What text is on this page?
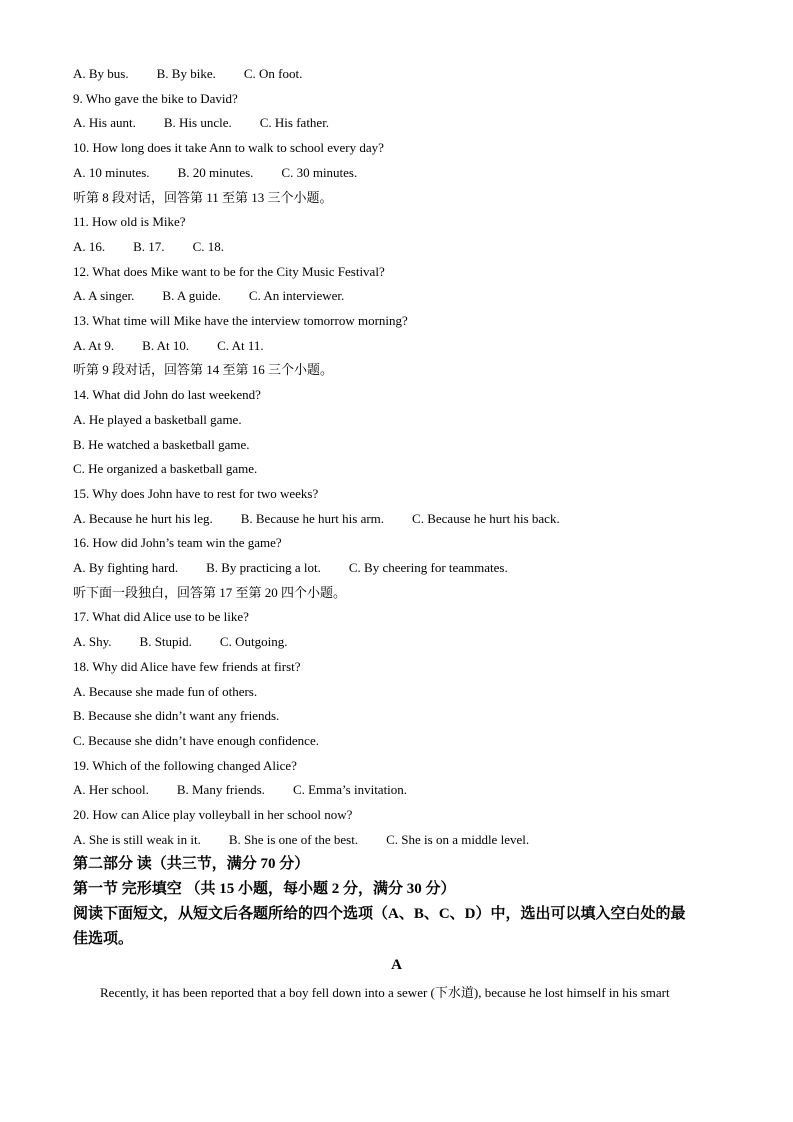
A. By bus. B. By bike. C. On foot.
9. Who gave the bike to David?
A. His aunt. B. His uncle. C. His father.
10. How long does it take Ann to walk to school every day?
A. 10 minutes. B. 20 minutes. C. 30 minutes.
听第 8 段对话，回答第 11 至第 13 三个小题。
11. How old is Mike?
A. 16. B. 17. C. 18.
12. What does Mike want to be for the City Music Festival?
A. A singer. B. A guide. C. An interviewer.
13. What time will Mike have the interview tomorrow morning?
A. At 9. B. At 10. C. At 11.
听第 9 段对话，回答第 14 至第 16 三个小题。
14. What did John do last weekend?
A. He played a basketball game.
B. He watched a basketball game.
C. He organized a basketball game.
15. Why does John have to rest for two weeks?
A. Because he hurt his leg. B. Because he hurt his arm. C. Because he hurt his back.
16. How did John’s team win the game?
A. By fighting hard. B. By practicing a lot. C. By cheering for teammates.
听下面一段独白，回答第 17 至第 20 四个小题。
17. What did Alice use to be like?
A. Shy. B. Stupid. C. Outgoing.
18. Why did Alice have few friends at first?
A. Because she made fun of others.
B. Because she didn’t want any friends.
C. Because she didn’t have enough confidence.
19. Which of the following changed Alice?
A. Her school. B. Many friends. C. Emma’s invitation.
20. How can Alice play volleyball in her school now?
A. She is still weak in it. B. She is one of the best. C. She is on a middle level.
第二部分 读（共三节，满分 70 分）
第一节 完形填空 （共 15 小题，每小题 2 分，满分 30 分）
阅读下面短文，从短文后各题所给的四个选项（A、B、C、D）中，选出可以填入空白处的最
佳选项。
A
Recently, it has been reported that a boy fell down into a sewer (下水道), because he lost himself in his smart
